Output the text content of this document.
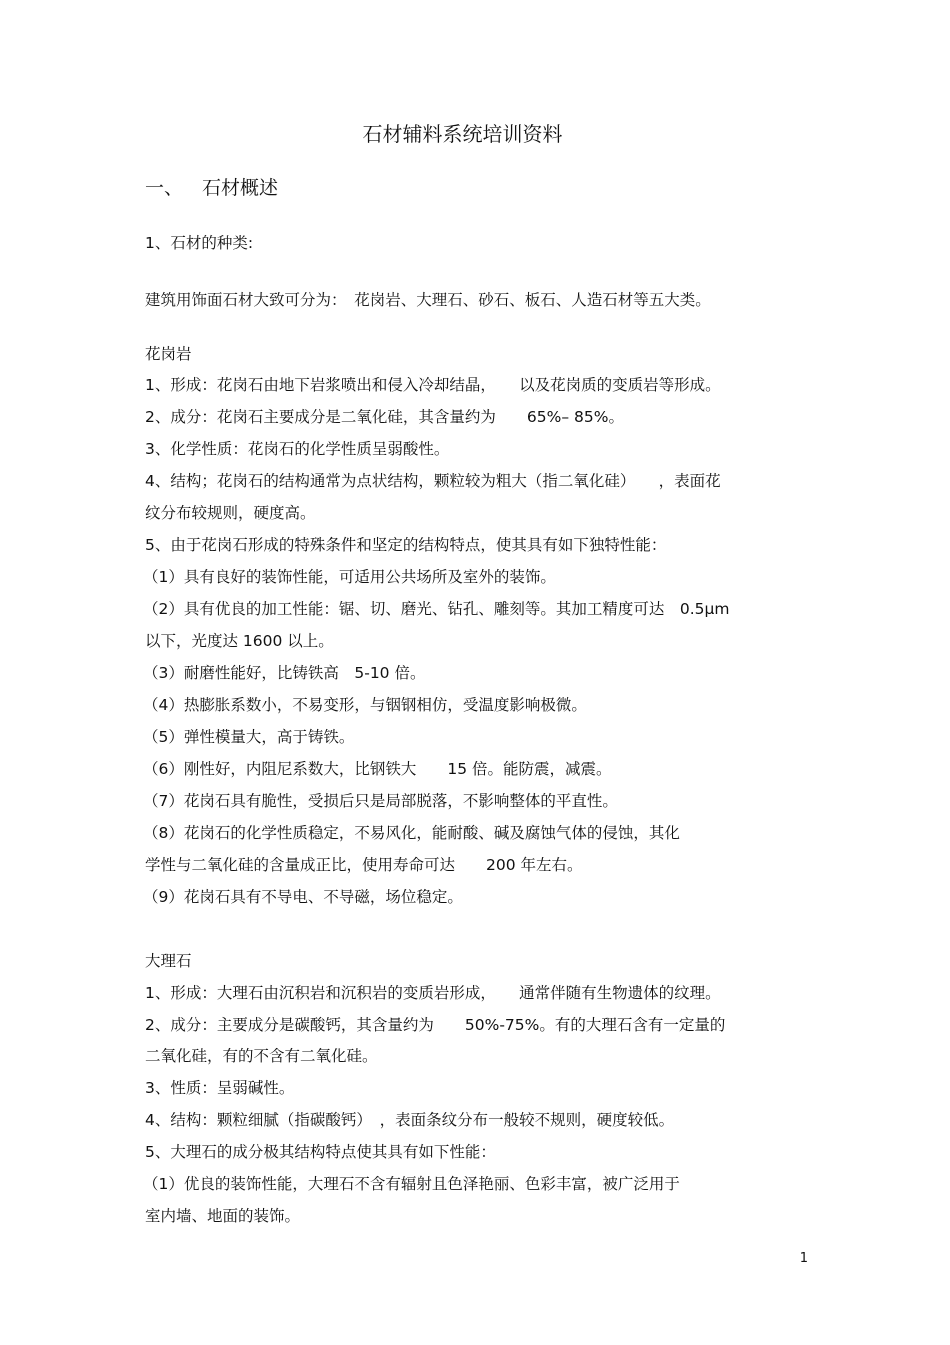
石材辅料系统培训资料
一、 石材概述
1、石材的种类:
建筑用饰面石材大致可分为：　花岗岩、大理石、砂石、板石、人造石材等五大类。
花岗岩
1、形成：花岗石由地下岩浆喷出和侵入冷却结晶，　　以及花岗质的变质岩等形成。
2、成分：花岗石主要成分是二氧化硅，其含量约为　　65%– 85%。
3、化学性质：花岗石的化学性质呈弱酸性。
4、结构；花岗石的结构通常为点状结构，颗粒较为粗大（指二氧化硅）　　，表面花
纹分布较规则，硬度高。
5、由于花岗石形成的特殊条件和坚定的结构特点，使其具有如下独特性能：
（1）具有良好的装饰性能，可适用公共场所及室外的装饰。
（2）具有优良的加工性能：锯、切、磨光、钻孔、雕刻等。其加工精度可达　0.5μm
以下，光度达 1600 以上。
（3）耐磨性能好，比铸铁高　5-10 倍。
（4）热膨胀系数小，不易变形，与铟钢相仿，受温度影响极微。
（5）弹性模量大，高于铸铁。
（6）刚性好，内阻尼系数大，比钢铁大　　15 倍。能防震，减震。
（7）花岗石具有脆性，受损后只是局部脱落，不影响整体的平直性。
（8）花岗石的化学性质稳定，不易风化，能耐酸、碱及腐蚀气体的侵蚀，其化
学性与二氧化硅的含量成正比，使用寿命可达　　200 年左右。
（9）花岗石具有不导电、不导磁，场位稳定。
大理石
1、形成：大理石由沉积岩和沉积岩的变质岩形成，　　通常伴随有生物遗体的纹理。
2、成分：主要成分是碳酸钙，其含量约为　　50%-75%。有的大理石含有一定量的
二氧化硅，有的不含有二氧化硅。
3、性质：呈弱碱性。
4、结构：颗粒细腻（指碳酸钙）　，表面条纹分布一般较不规则，硬度较低。
5、大理石的成分极其结构特点使其具有如下性能：
（1）优良的装饰性能，大理石不含有辐射且色泽艳丽、色彩丰富，被广泛用于
室内墙、地面的装饰。
1
